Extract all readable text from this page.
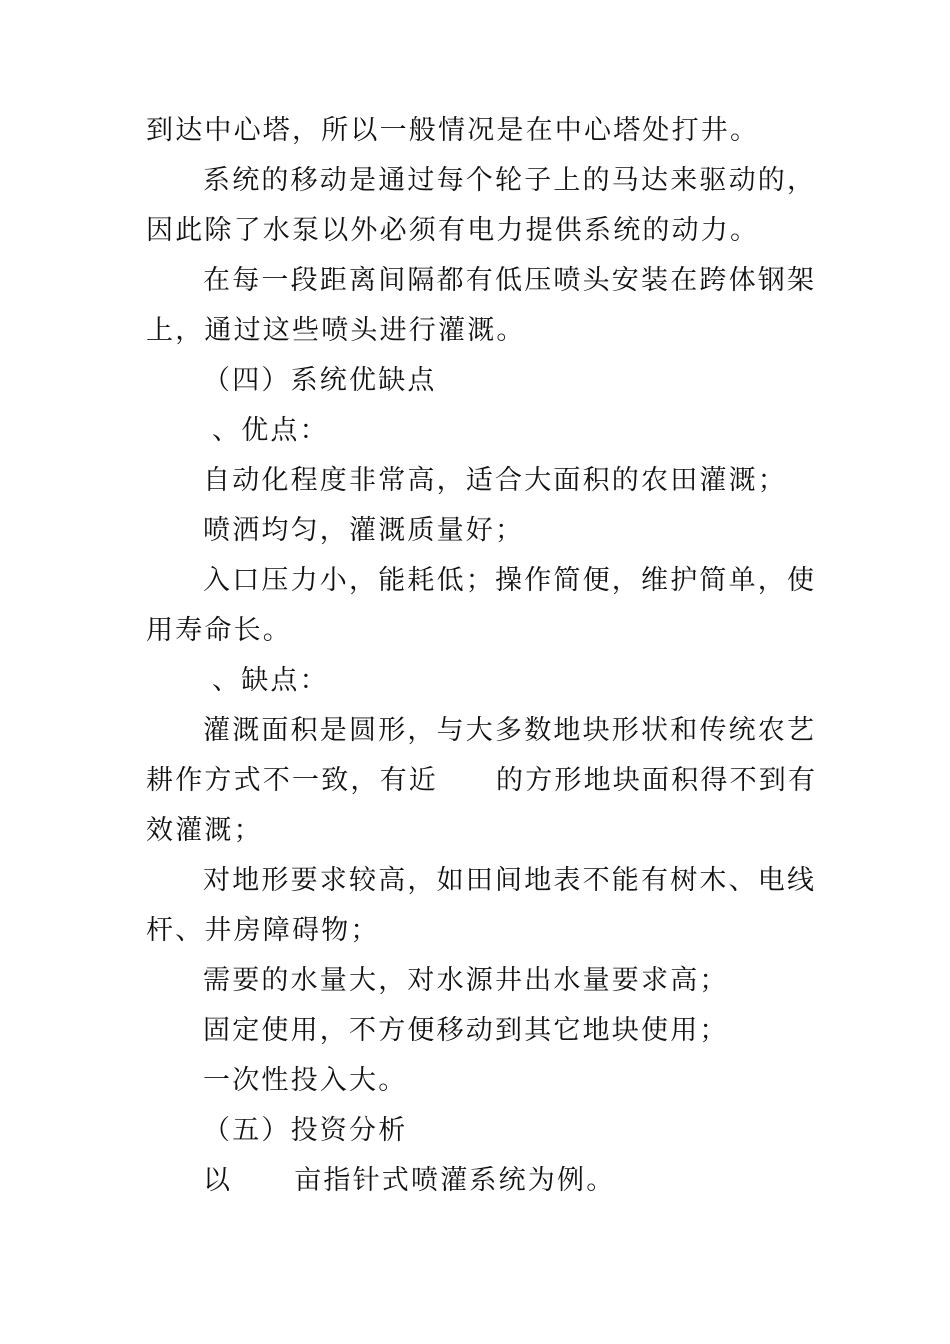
到达中心塔，所以一般情况是在中心塔处打井。
系统的移动是通过每个轮子上的马达来驱动的，
因此除了水泵以外必须有电力提供系统的动力。
在每一段距离间隔都有低压喷头安装在跨体钢架
上，通过这些喷头进行灌溉。
（四）系统优缺点
、优点：
自动化程度非常高，适合大面积的农田灌溉；
喷洒均匀，灌溉质量好；
入口压力小，能耗低；操作简便，维护简单，使
用寿命长。
、缺点：
灌溉面积是圆形，与大多数地块形状和传统农艺
耕作方式不一致，有近 的方形地块面积得不到有
效灌溉；
对地形要求较高，如田间地表不能有树木、电线
杆、井房障碍物；
需要的水量大，对水源井出水量要求高；
固定使用，不方便移动到其它地块使用；
一次性投入大。
（五）投资分析
以 亩指针式喷灌系统为例。
